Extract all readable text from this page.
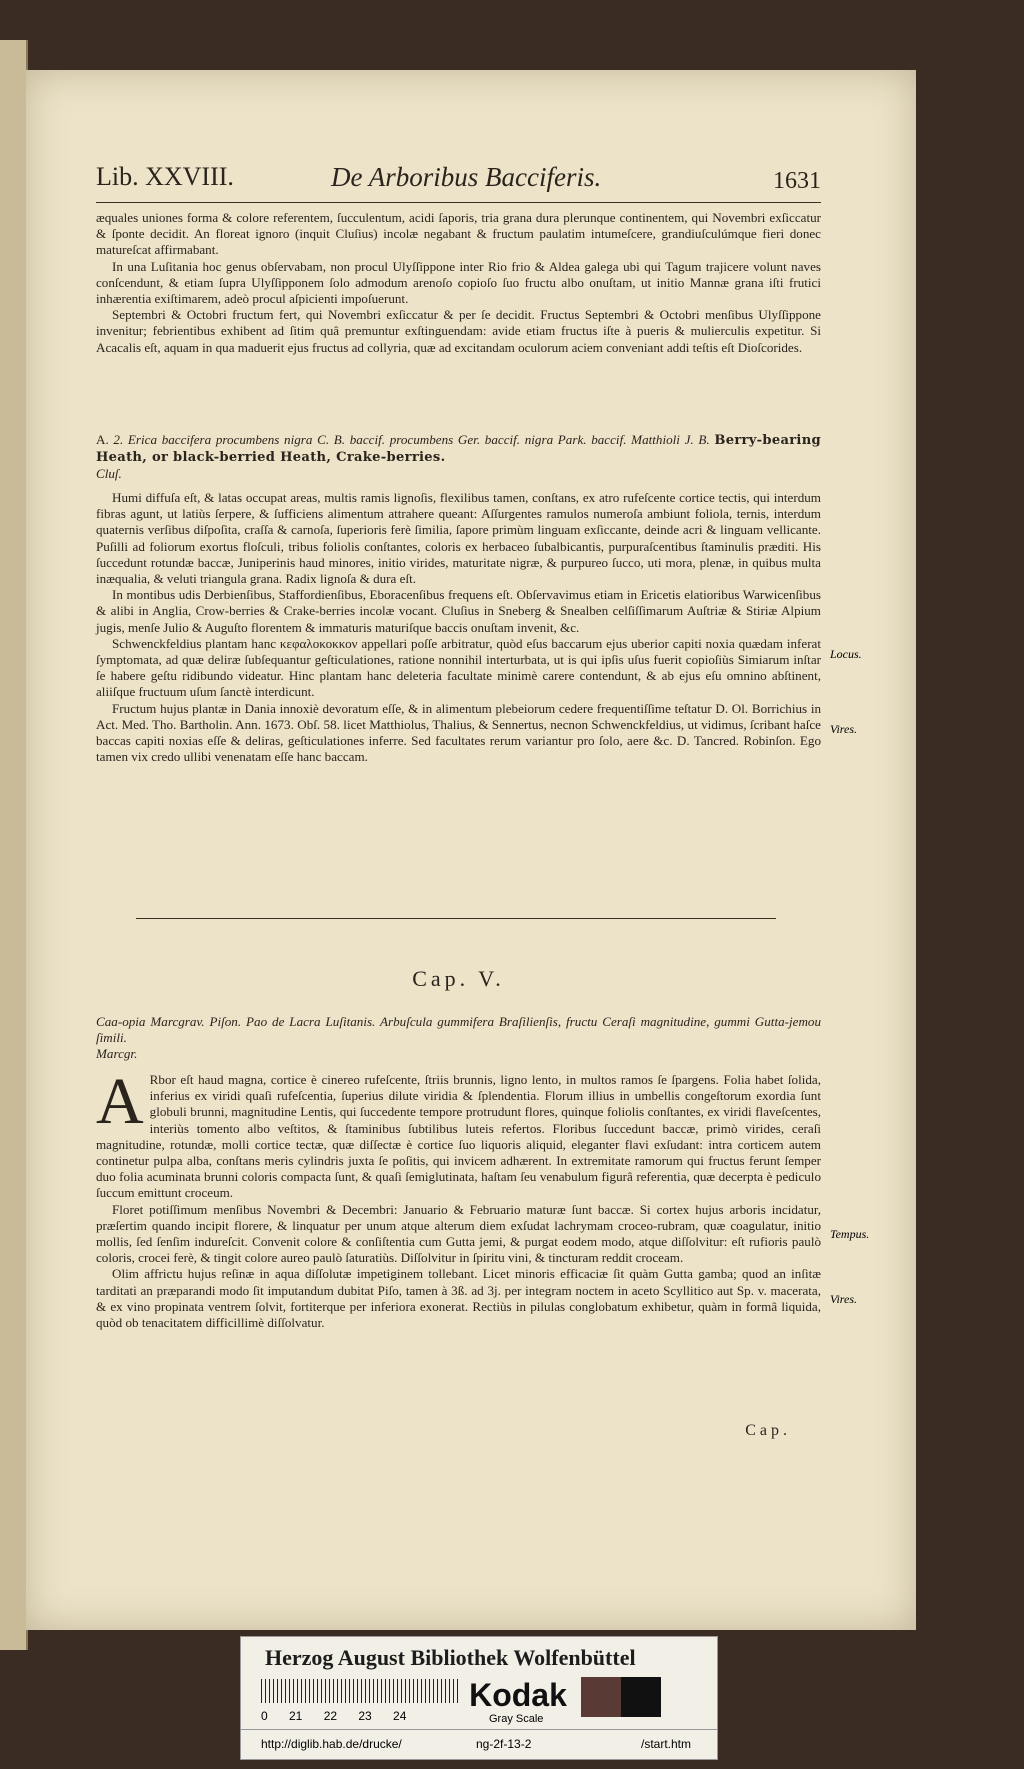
Lib. XXVIII.	De Arboribus Bacciferis.	1631

æquales uniones forma & colore referentem, ſucculentum, acidi ſaporis, tria grana dura plerunque continentem, qui Novembri exſiccatur & ſponte decidit. An floreat ignoro (inquit Cluſius) incolæ negabant & fructum paulatim intumeſcere, grandiuſculúmque fieri donec matureſcat affirmabant.

In una Luſitania hoc genus obſervabam, non procul Ulyſſippone inter Rio frio & Aldea galega ubi qui Tagum trajicere volunt naves conſcendunt, & etiam ſupra Ulyſſipponem ſolo admodum arenoſo copioſo ſuo fructu albo onuſtam, ut initio Mannæ grana iſti frutici inhærentia exiſtimarem, adeò procul aſpicienti impoſuerunt.

Septembri & Octobri fructum fert, qui Novembri exſiccatur & per ſe decidit. Fructus Septembri & Octobri menſibus Ulyſſippone invenitur; febrientibus exhibent ad ſitim quâ premuntur exſtinguendam: avide etiam fructus iſte à pueris & mulierculis expetitur. Si Acacalis eſt, aquam in qua maduerit ejus fructus ad collyria, quæ ad excitandam oculorum aciem conveniant addi teſtis eſt Dioſcorides.

A. 2. Erica baccifera procumbens nigra C. B. baccif. procumbens Ger. baccif. nigra Park. baccif. Matthioli J. B. Berry-bearing Heath, or black-berried Heath, Crake-berries.

Cluſ.

Humi diffuſa eſt, & latas occupat areas, multis ramis lignoſis, flexilibus tamen, conſtans, ex atro rufeſcente cortice tectis, qui interdum fibras agunt, ut latiùs ſerpere, & ſufficiens alimentum attrahere queant: Aſſurgentes ramulos numeroſa ambiunt foliola, ternis, interdum quaternis verſibus diſpoſita, craſſa & carnoſa, ſuperioris ferè ſimilia, ſapore primùm linguam exſiccante, deinde acri & linguam vellicante. Puſilli ad foliorum exortus floſculi, tribus foliolis conſtantes, coloris ex herbaceo ſubalbicantis, purpuraſcentibus ſtaminulis præditi. His ſuccedunt rotundæ baccæ, Juniperinis haud minores, initio virides, maturitate nigræ, & purpureo ſucco, uti mora, plenæ, in quibus multa inæqualia, & veluti triangula grana. Radix lignoſa & dura eſt.

In montibus udis Derbienſibus, Staffordienſibus, Eboracenſibus frequens eſt. Obſervavimus etiam in Ericetis elatioribus Warwicenſibus & alibi in Anglia, Crow-berries & Crake-berries incolæ vocant. Cluſius in Sneberg & Snealben celſiſſimarum Auſtriæ & Stiriæ Alpium jugis, menſe Julio & Auguſto florentem & immaturis maturiſque baccis onuſtam invenit, &c.

Schwenckfeldius plantam hanc κεφαλοκοκκον appellari poſſe arbitratur, quòd eſus baccarum ejus uberior capiti noxia quædam inferat ſymptomata, ad quæ deliræ ſubſequantur geſticulationes, ratione nonnihil interturbata, ut is qui ipſis uſus fuerit copioſiùs Simiarum inſtar ſe habere geſtu ridibundo videatur. Hinc plantam hanc deleteria facultate minimè carere contendunt, & ab ejus eſu omnino abſtinent, aliiſque fructuum uſum ſanctè interdicunt.

Fructum hujus plantæ in Dania innoxiè devoratum eſſe, & in alimentum plebeiorum cedere frequentiſſime teſtatur D. Ol. Borrichius in Act. Med. Tho. Bartholin. Ann. 1673. Obſ. 58. licet Matthiolus, Thalius, & Sennertus, necnon Schwenckfeldius, ut vidimus, ſcribant haſce baccas capiti noxias eſſe & deliras, geſticulationes inferre. Sed facultates rerum variantur pro ſolo, aere &c. D. Tancred. Robinſon. Ego tamen vix credo ullibi venenatam eſſe hanc baccam.

Cap. V.

Caa-opia Marcgrav. Piſon. Pao de Lacra Luſitanis. Arbuſcula gummifera Braſilienſis, fructu Ceraſi magnitudine, gummi Gutta-jemou ſimili.

Marcgr.

A Rbor eſt haud magna, cortice è cinereo rufeſcente, ſtriis brunnis, ligno lento, in multos ramos ſe ſpargens. Folia habet ſolida, inferius ex viridi quaſi rufeſcentia, ſuperius dilute viridia & ſplendentia. Florum illius in umbellis congeſtorum exordia ſunt globuli brunni, magnitudine Lentis, qui ſuccedente tempore protrudunt flores, quinque foliolis conſtantes, ex viridi flaveſcentes, interiùs tomento albo veſtitos, & ſtaminibus ſubtilibus luteis refertos. Floribus ſuccedunt baccæ, primò virides, ceraſi magnitudine, rotundæ, molli cortice tectæ, quæ diſſectæ è cortice ſuo liquoris aliquid, eleganter flavi exſudant: intra corticem autem continetur pulpa alba, conſtans meris cylindris juxta ſe poſitis, qui invicem adhærent. In extremitate ramorum qui fructus ferunt ſemper duo folia acuminata brunni coloris compacta ſunt, & quaſi ſemiglutinata, haſtam ſeu venabulum figurâ referentia, quæ decerpta è pediculo ſuccum emittunt croceum.

Floret potiſſimum menſibus Novembri & Decembri: Januario & Februario maturæ ſunt baccæ. Si cortex hujus arboris incidatur, præſertim quando incipit florere, & linquatur per unum atque alterum diem exſudat lachrymam croceo-rubram, quæ coagulatur, initio mollis, ſed ſenſim indureſcit. Convenit colore & conſiſtentia cum Gutta jemi, & purgat eodem modo, atque diſſolvitur: eſt rufioris paulò coloris, crocei ferè, & tingit colore aureo paulò ſaturatiùs. Diſſolvitur in ſpiritu vini, & tincturam reddit croceam.

Olim affrictu hujus reſinæ in aqua diſſolutæ impetiginem tollebant. Licet minoris efficaciæ ſit quàm Gutta gamba; quod an inſitæ tarditati an præparandi modo ſit imputandum dubitat Piſo, tamen à 3ß. ad 3j. per integram noctem in aceto Scyllitico aut Sp. v. macerata, & ex vino propinata ventrem ſolvit, fortiterque per inferiora exonerat. Rectiùs in pilulas conglobatum exhibetur, quàm in formâ liquida, quòd ob tenacitatem difficillimè diſſolvatur.

Cap.
Locus.
Vires.
Tempus.
Vires.
Herzog August Bibliothek Wolfenbüttel
Kodak
Gray Scale
0 21 22 23 24
http://diglib.hab.de/drucke/	ng-2f-13-2	/start.htm
